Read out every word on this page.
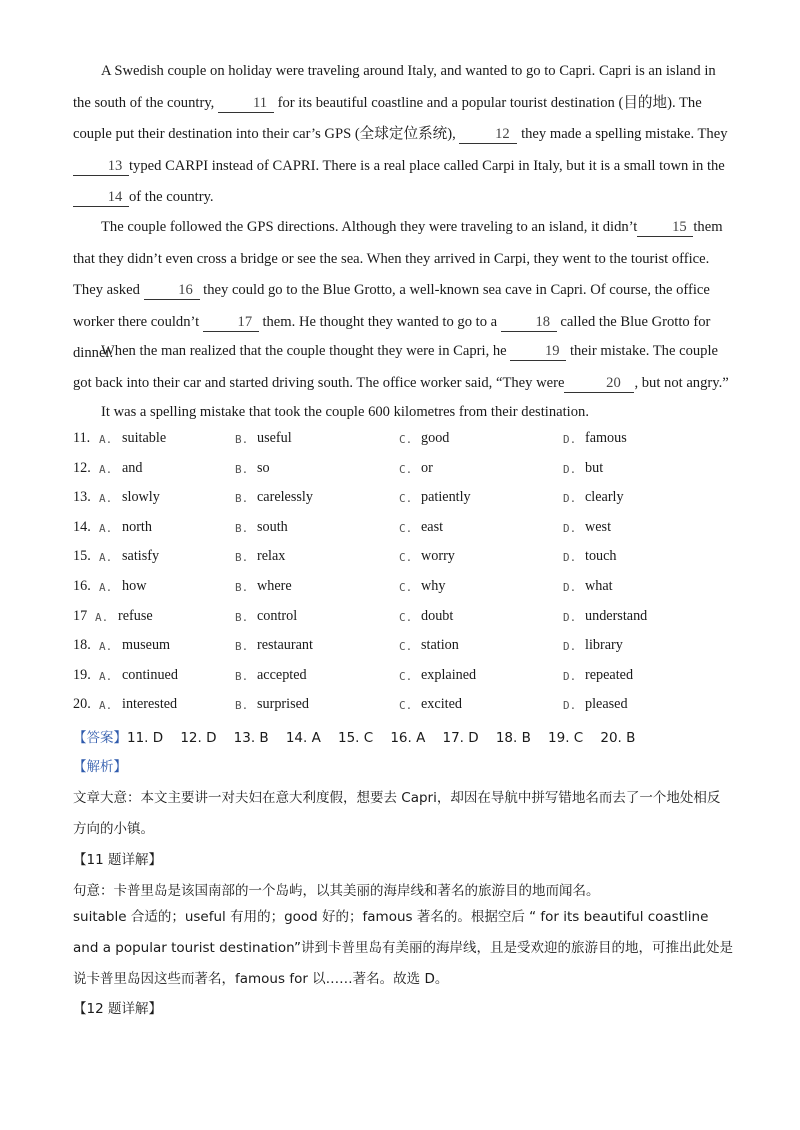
A Swedish couple on holiday were traveling around Italy, and wanted to go to Capri. Capri is an island in the south of the country, 11 for its beautiful coastline and a popular tourist destination (目的地). The couple put their destination into their car’s GPS (全球定位系统), 12 they made a spelling mistake. They 13 typed CARPI instead of CAPRI. There is a real place called Carpi in Italy, but it is a small town in the14 of the country.

The couple followed the GPS directions. Although they were traveling to an island, it didn’t 15 them that they didn’t even cross a bridge or see the sea. When they arrived in Carpi, they went to the tourist office. They asked 16 they could go to the Blue Grotto, a well-known sea cave in Capri. Of course, the office worker there couldn’t 17 them. He thought they wanted to go to a 18 called the Blue Grotto for dinner.

When the man realized that the couple thought they were in Capri, he 19 their mistake. The couple got back into their car and started driving south. The office worker said, “They were	20 , but not angry.”

It was a spelling mistake that took the couple 600 kilometres from their destination.

11. A. suitable	B. useful	C. good	D. famous
12. A. and	B. so	C. or	D. but
13. A. slowly	B. carelessly	C. patiently	D. clearly
14. A. north	B. south	C. east	D. west
15. A. satisfy	B. relax	C. worry	D. touch
16. A. how	B. where	C. why	D. what
17 A. refuse	B. control	C. doubt	D. understand
18. A. museum	B. restaurant	C. station	D. library
19. A. continued	B. accepted	C. explained	D. repeated
20. A. interested	B. surprised	C. excited	D. pleased
【答案】11. D    12. D    13. B    14. A    15. C    16. A    17. D    18. B    19. C    20. B

【解析】

文章大意：本文主要讲一对夫妇在意大利度假，想要去 Capri，却因在导航中拼写错地名而去了一个地处相反方向的小镇。

【11 题详解】

句意：卡普里岛是该国南部的一个岛屿，以其美丽的海岸线和著名的旅游目的地而闻名。

suitable 合适的；useful 有用的；good 好的；famous 著名的。根据空后 “ for its beautiful coastline and a popular tourist destination”讲到卡普里岛有美丽的海岸线，且是受欢迎的旅游目的地，可推出此处是说卡普里岛因这些而著名，famous for 以……著名。故选 D。

【12 题详解】
